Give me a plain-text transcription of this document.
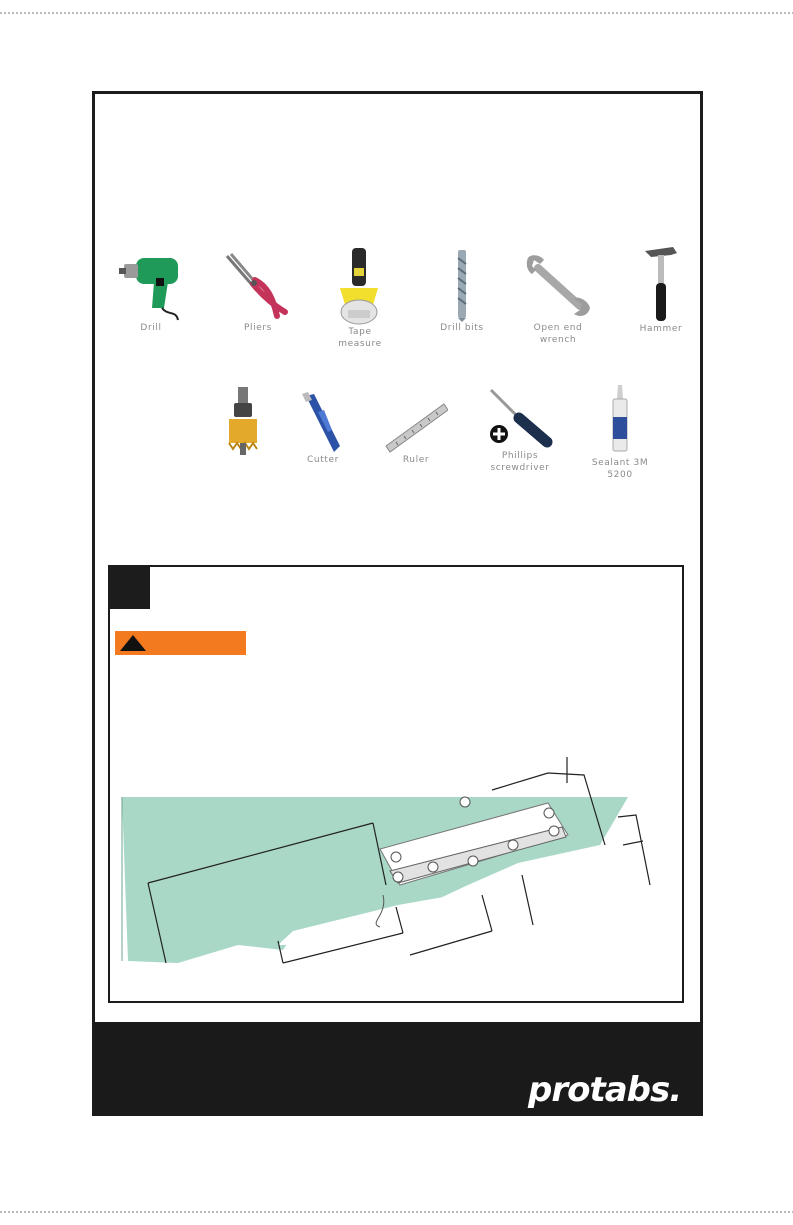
Drill	Pliers	Tape measure
Drill bits	Open end wrench
Hammer
Cutter	Ruler	Phillips screwdriver	Sealant 3M 5200
protabs.
